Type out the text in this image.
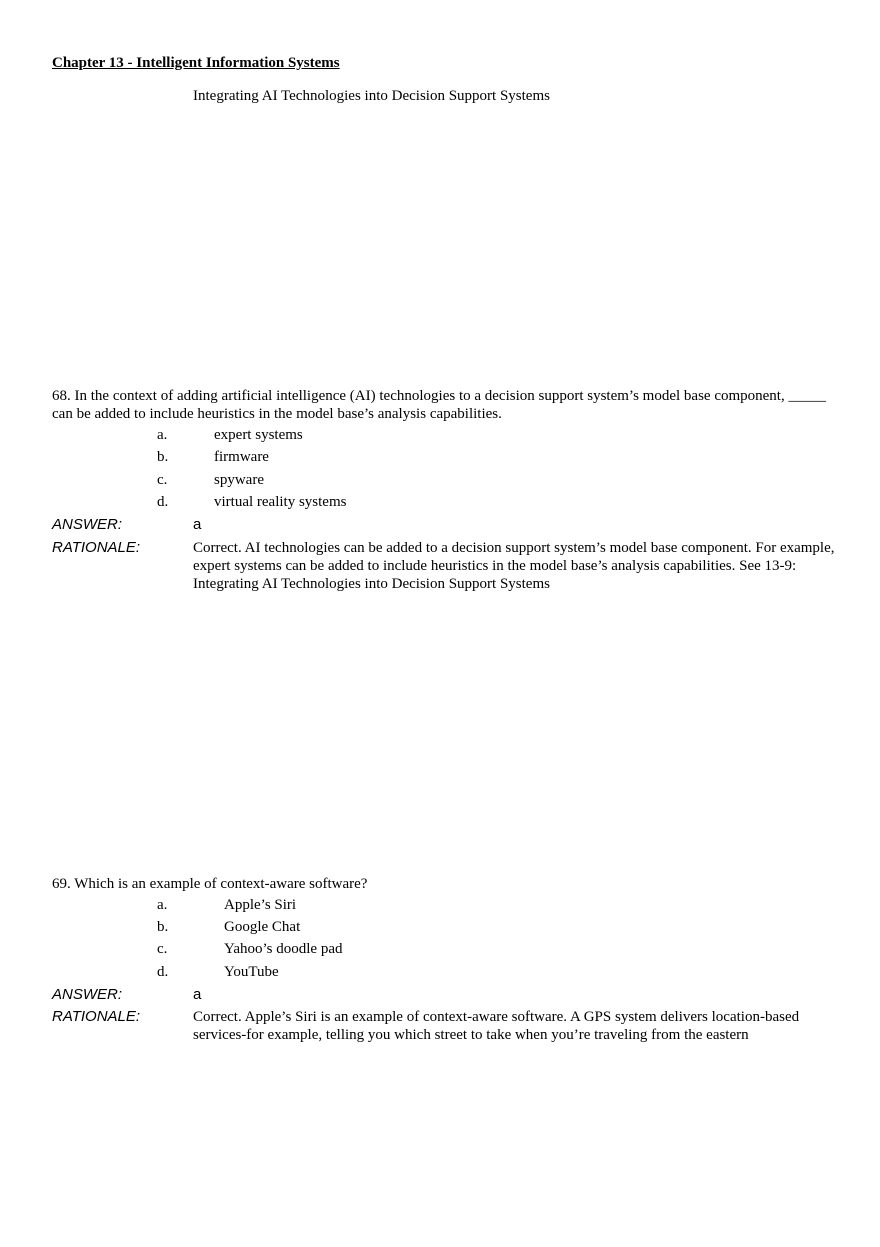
Chapter 13 - Intelligent Information Systems
Integrating AI Technologies into Decision Support Systems
68. In the context of adding artificial intelligence (AI) technologies to a decision support system’s model base component, _____ can be added to include heuristics in the model base’s analysis capabilities.
a.	expert systems
b.	firmware
c.	spyware
d.	virtual reality systems
ANSWER:	a
RATIONALE:	Correct. AI technologies can be added to a decision support system’s model base component. For example, expert systems can be added to include heuristics in the model base’s analysis capabilities. See 13-9: Integrating AI Technologies into Decision Support Systems
69. Which is an example of context-aware software?
a.	Apple’s Siri
b.	Google Chat
c.	Yahoo’s doodle pad
d.	YouTube
ANSWER:	a
RATIONALE:	Correct. Apple’s Siri is an example of context-aware software. A GPS system delivers location-based services-for example, telling you which street to take when you’re traveling from the eastern
